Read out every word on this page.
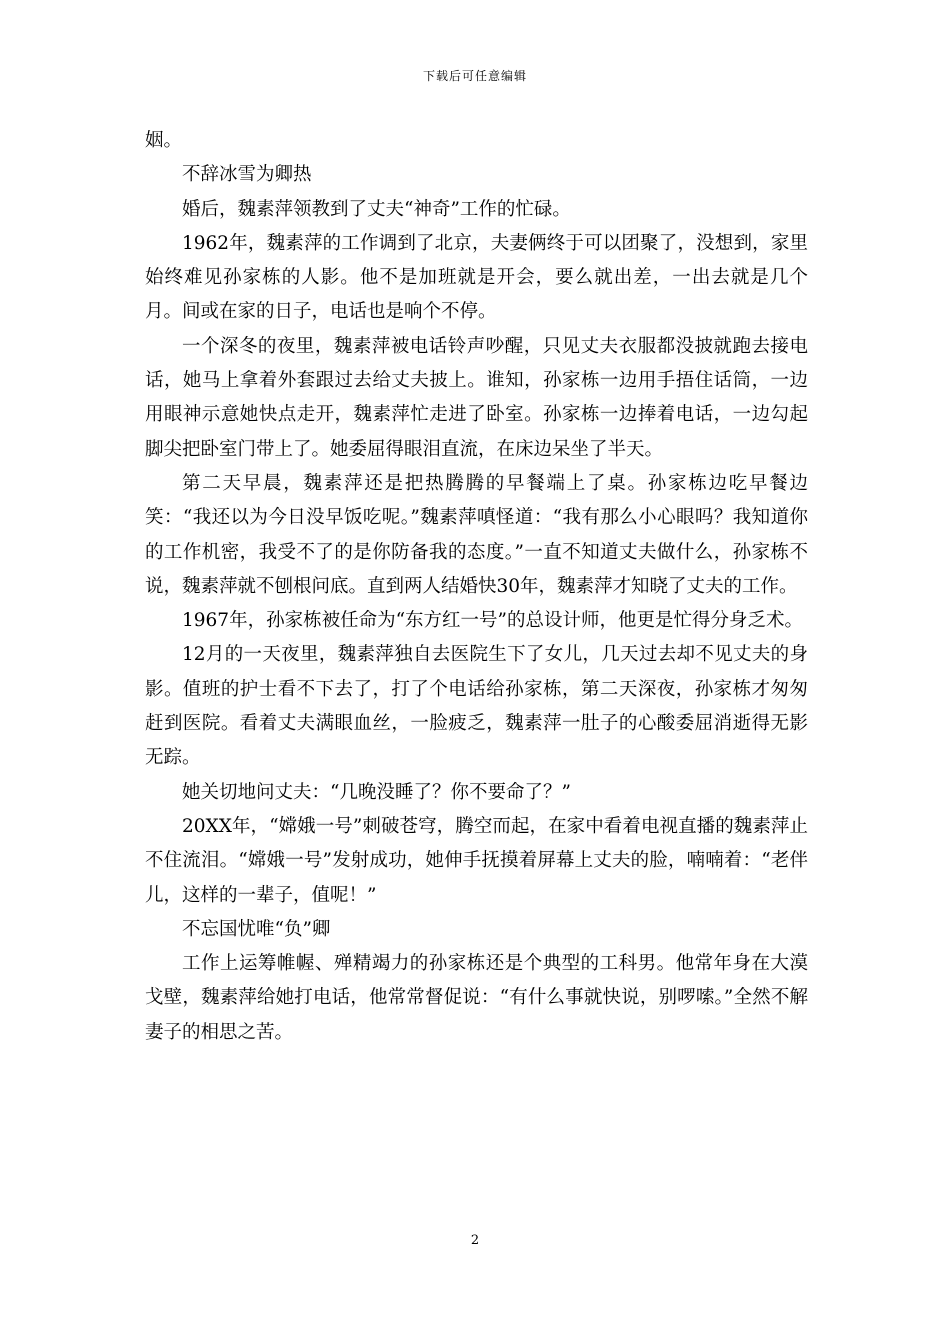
下载后可任意编辑

姻。

不辞冰雪为卿热

婚后，魏素萍领教到了丈夫“神奇”工作的忙碌。

1962年，魏素萍的工作调到了北京，夫妻俩终于可以团聚了，没想到，家里始终难见孙家栋的人影。他不是加班就是开会，要么就出差，一出去就是几个月。间或在家的日子，电话也是响个不停。

一个深冬的夜里，魏素萍被电话铃声吵醒，只见丈夫衣服都没披就跑去接电话，她马上拿着外套跟过去给丈夫披上。谁知，孙家栋一边用手捂住话筒，一边用眼神示意她快点走开，魏素萍忙走进了卧室。孙家栋一边捧着电话，一边勾起脚尖把卧室门带上了。她委屈得眼泪直流，在床边呆坐了半天。

第二天早晨，魏素萍还是把热腾腾的早餐端上了桌。孙家栋边吃早餐边笑：“我还以为今日没早饭吃呢。”魏素萍嗔怪道：“我有那么小心眼吗？我知道你的工作机密，我受不了的是你防备我的态度。”一直不知道丈夫做什么，孙家栋不说，魏素萍就不刨根问底。直到两人结婚快30年，魏素萍才知晓了丈夫的工作。

1967年，孙家栋被任命为“东方红一号”的总设计师，他更是忙得分身乏术。

12月的一天夜里，魏素萍独自去医院生下了女儿，几天过去却不见丈夫的身影。值班的护士看不下去了，打了个电话给孙家栋，第二天深夜，孙家栋才匆匆赶到医院。看着丈夫满眼血丝，一脸疲乏，魏素萍一肚子的心酸委屈消逝得无影无踪。

她关切地问丈夫：“几晚没睡了？你不要命了？”

20XX年，“嫦娥一号”刺破苍穹，腾空而起，在家中看着电视直播的魏素萍止不住流泪。“嫦娥一号”发射成功，她伸手抚摸着屏幕上丈夫的脸，喃喃着：“老伴儿，这样的一辈子，值呢！”

不忘国忧唯“负”卿

工作上运筹帷幄、殚精竭力的孙家栋还是个典型的工科男。他常年身在大漠戈壁，魏素萍给她打电话，他常常督促说：“有什么事就快说，别啰嗦。”全然不解妻子的相思之苦。

2
